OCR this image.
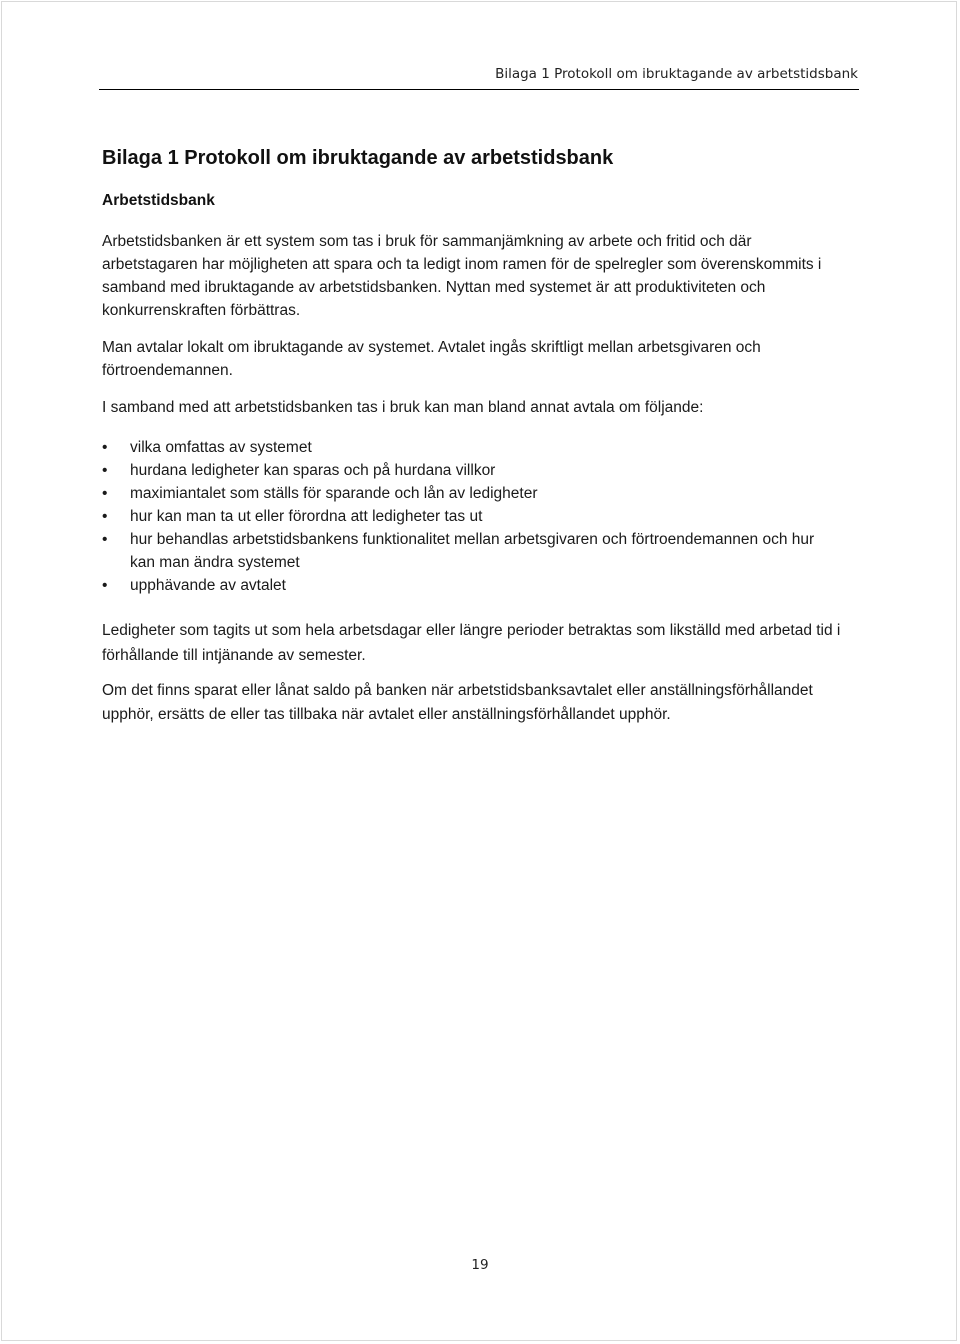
Bilaga 1 Protokoll om ibruktagande av arbetstidsbank
Bilaga 1 Protokoll om ibruktagande av arbetstidsbank
Arbetstidsbank

Arbetstidsbanken är ett system som tas i bruk för sammanjämkning av arbete och fritid och där arbetstagaren har möjligheten att spara och ta ledigt inom ramen för de spelregler som överenskommits i samband med ibruktagande av arbetstidsbanken. Nyttan med systemet är att produktiviteten och konkurrenskraften förbättras.

Man avtalar lokalt om ibruktagande av systemet. Avtalet ingås skriftligt mellan arbetsgivaren och förtroendemannen.

I samband med att arbetstidsbanken tas i bruk kan man bland annat avtala om följande:

• vilka omfattas av systemet
• hurdana ledigheter kan sparas och på hurdana villkor
• maximiantalet som ställs för sparande och lån av ledigheter
• hur kan man ta ut eller förordna att ledigheter tas ut
• hur behandlas arbetstidsbankens funktionalitet mellan arbetsgivaren och förtroendemannen och hur kan man ändra systemet
• upphävande av avtalet

Ledigheter som tagits ut som hela arbetsdagar eller längre perioder betraktas som likställd med arbetad tid i förhållande till intjänande av semester.

Om det finns sparat eller lånat saldo på banken när arbetstidsbanksavtalet eller anställningsförhållandet upphör, ersätts de eller tas tillbaka när avtalet eller anställningsförhållandet upphör.

19
